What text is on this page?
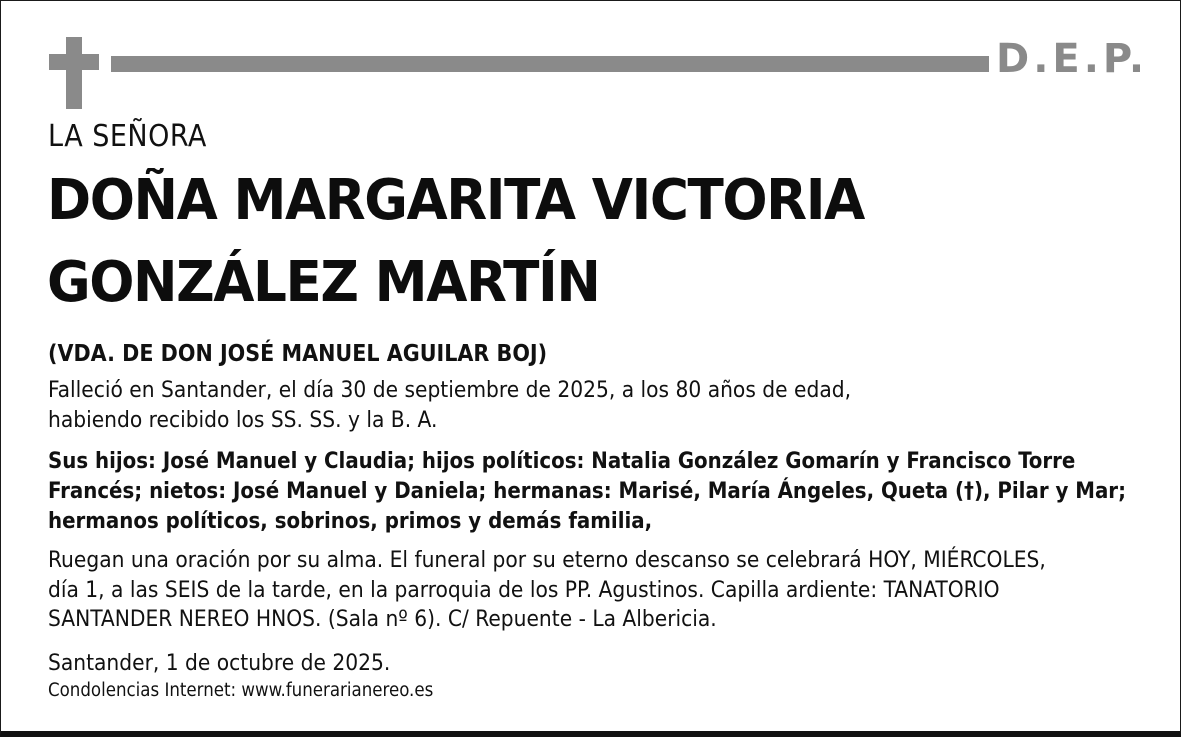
D.E.P.
LA SEÑORA
DOÑA MARGARITA VICTORIA
GONZÁLEZ MARTÍN
(VDA. DE DON JOSÉ MANUEL AGUILAR BOJ)
Falleció en Santander, el día 30 de septiembre de 2025, a los 80 años de edad,
habiendo recibido los SS. SS. y la B. A.
Sus hijos: José Manuel y Claudia; hijos políticos: Natalia González Gomarín y Francisco Torre
Francés; nietos: José Manuel y Daniela; hermanas: Marisé, María Ángeles, Queta (†), Pilar y Mar;
hermanos políticos, sobrinos, primos y demás familia,
Ruegan una oración por su alma. El funeral por su eterno descanso se celebrará HOY, MIÉRCOLES,
día 1, a las SEIS de la tarde, en la parroquia de los PP. Agustinos. Capilla ardiente: TANATORIO
SANTANDER NEREO HNOS. (Sala nº 6). C/ Repuente - La Albericia.
Santander, 1 de octubre de 2025.
Condolencias Internet: www.funerarianereo.es
